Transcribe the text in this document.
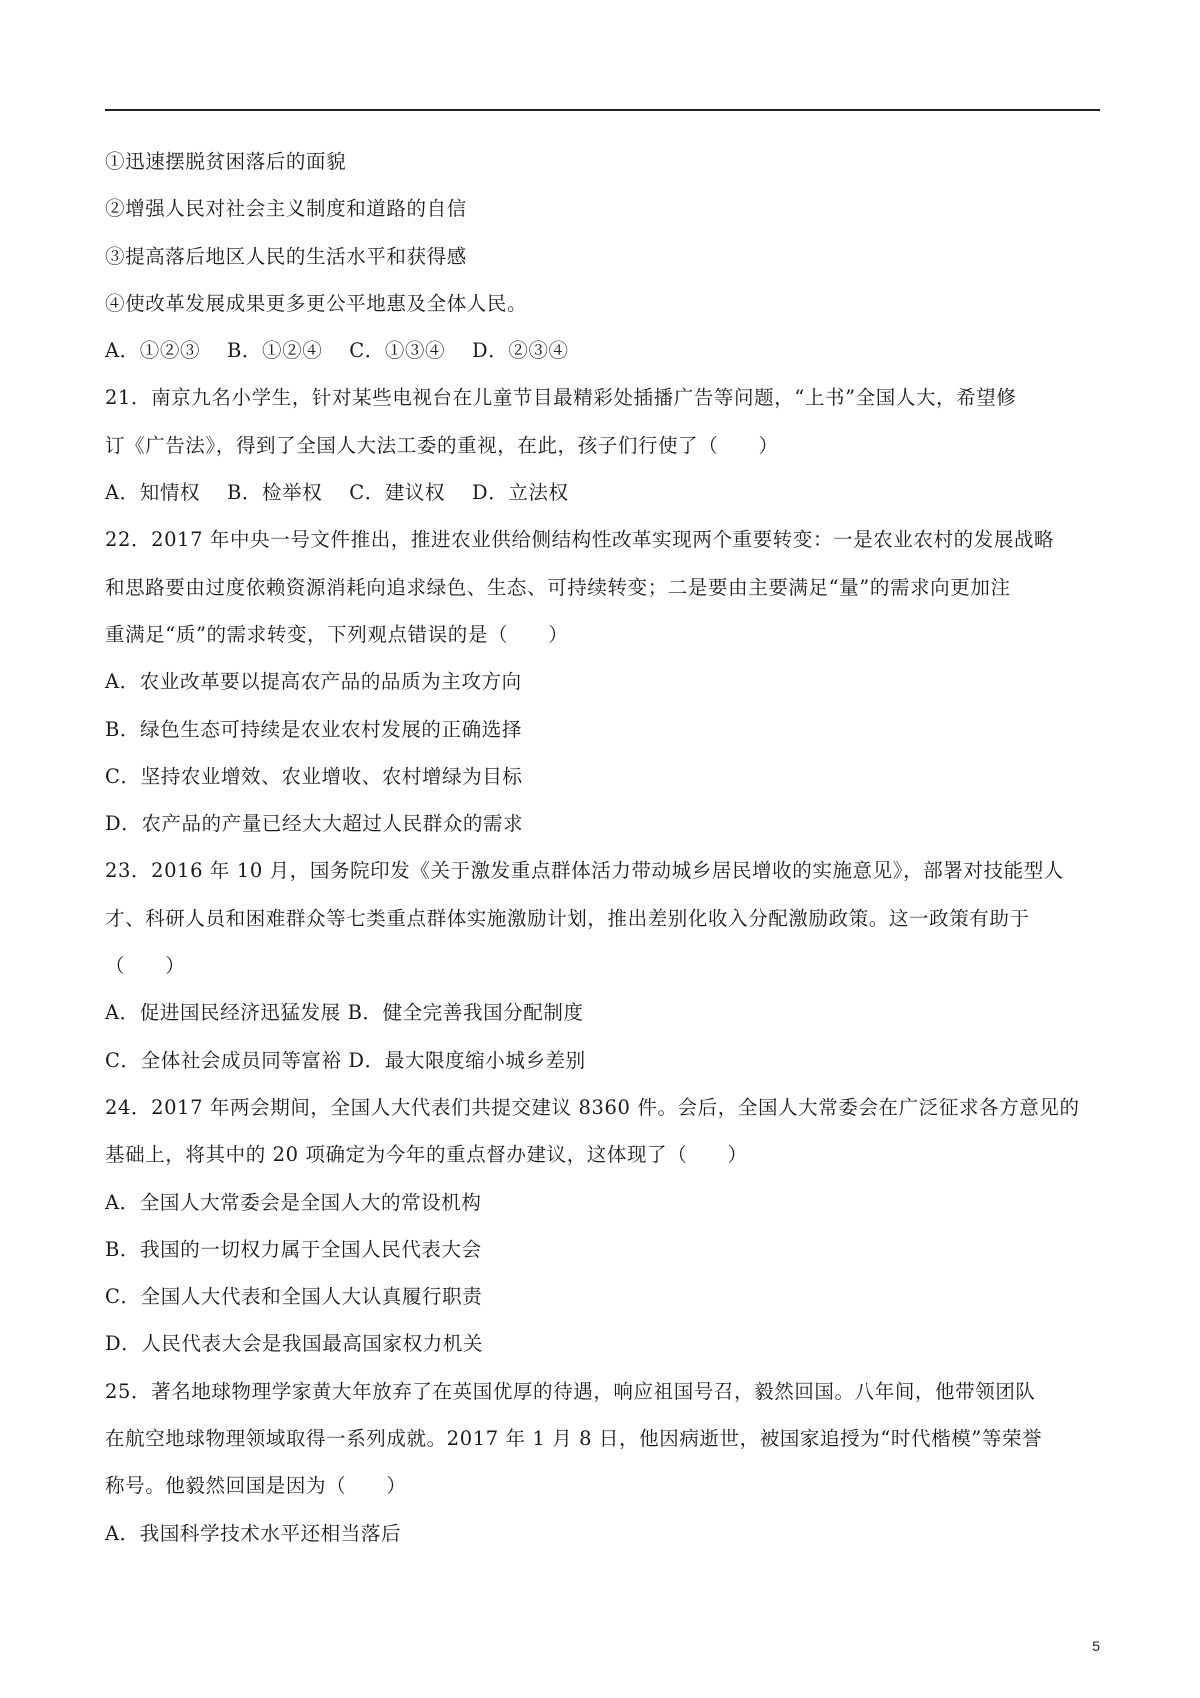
①迅速摆脱贫困落后的面貌
②增强人民对社会主义制度和道路的自信
③提高落后地区人民的生活水平和获得感
④使改革发展成果更多更公平地惠及全体人民。
A．①②③　 B．①②④　 C．①③④　 D．②③④
21．南京九名小学生，针对某些电视台在儿童节目最精彩处插播广告等问题，“上书”全国人大，希望修
订《广告法》，得到了全国人大法工委的重视，在此，孩子们行使了（　　）
A．知情权　 B．检举权　 C．建议权　 D．立法权
22．2017 年中央一号文件推出，推进农业供给侧结构性改革实现两个重要转变：一是农业农村的发展战略
和思路要由过度依赖资源消耗向追求绿色、生态、可持续转变；二是要由主要满足“量”的需求向更加注
重满足“质”的需求转变，下列观点错误的是（　　）
A．农业改革要以提高农产品的品质为主攻方向
B．绿色生态可持续是农业农村发展的正确选择
C．坚持农业增效、农业增收、农村增绿为目标
D．农产品的产量已经大大超过人民群众的需求
23．2016 年 10 月，国务院印发《关于激发重点群体活力带动城乡居民增收的实施意见》，部署对技能型人
才、科研人员和困难群众等七类重点群体实施激励计划，推出差别化收入分配激励政策。这一政策有助于
（　　）
A．促进国民经济迅猛发展 B．健全完善我国分配制度
C．全体社会成员同等富裕 D．最大限度缩小城乡差别
24．2017 年两会期间，全国人大代表们共提交建议 8360 件。会后，全国人大常委会在广泛征求各方意见的
基础上，将其中的 20 项确定为今年的重点督办建议，这体现了（　　）
A．全国人大常委会是全国人大的常设机构
B．我国的一切权力属于全国人民代表大会
C．全国人大代表和全国人大认真履行职责
D．人民代表大会是我国最高国家权力机关
25．著名地球物理学家黄大年放弃了在英国优厚的待遇，响应祖国号召，毅然回国。八年间，他带领团队
在航空地球物理领域取得一系列成就。2017 年 1 月 8 日，他因病逝世，被国家追授为“时代楷模”等荣誉
称号。他毅然回国是因为（　　）
A．我国科学技术水平还相当落后
5
